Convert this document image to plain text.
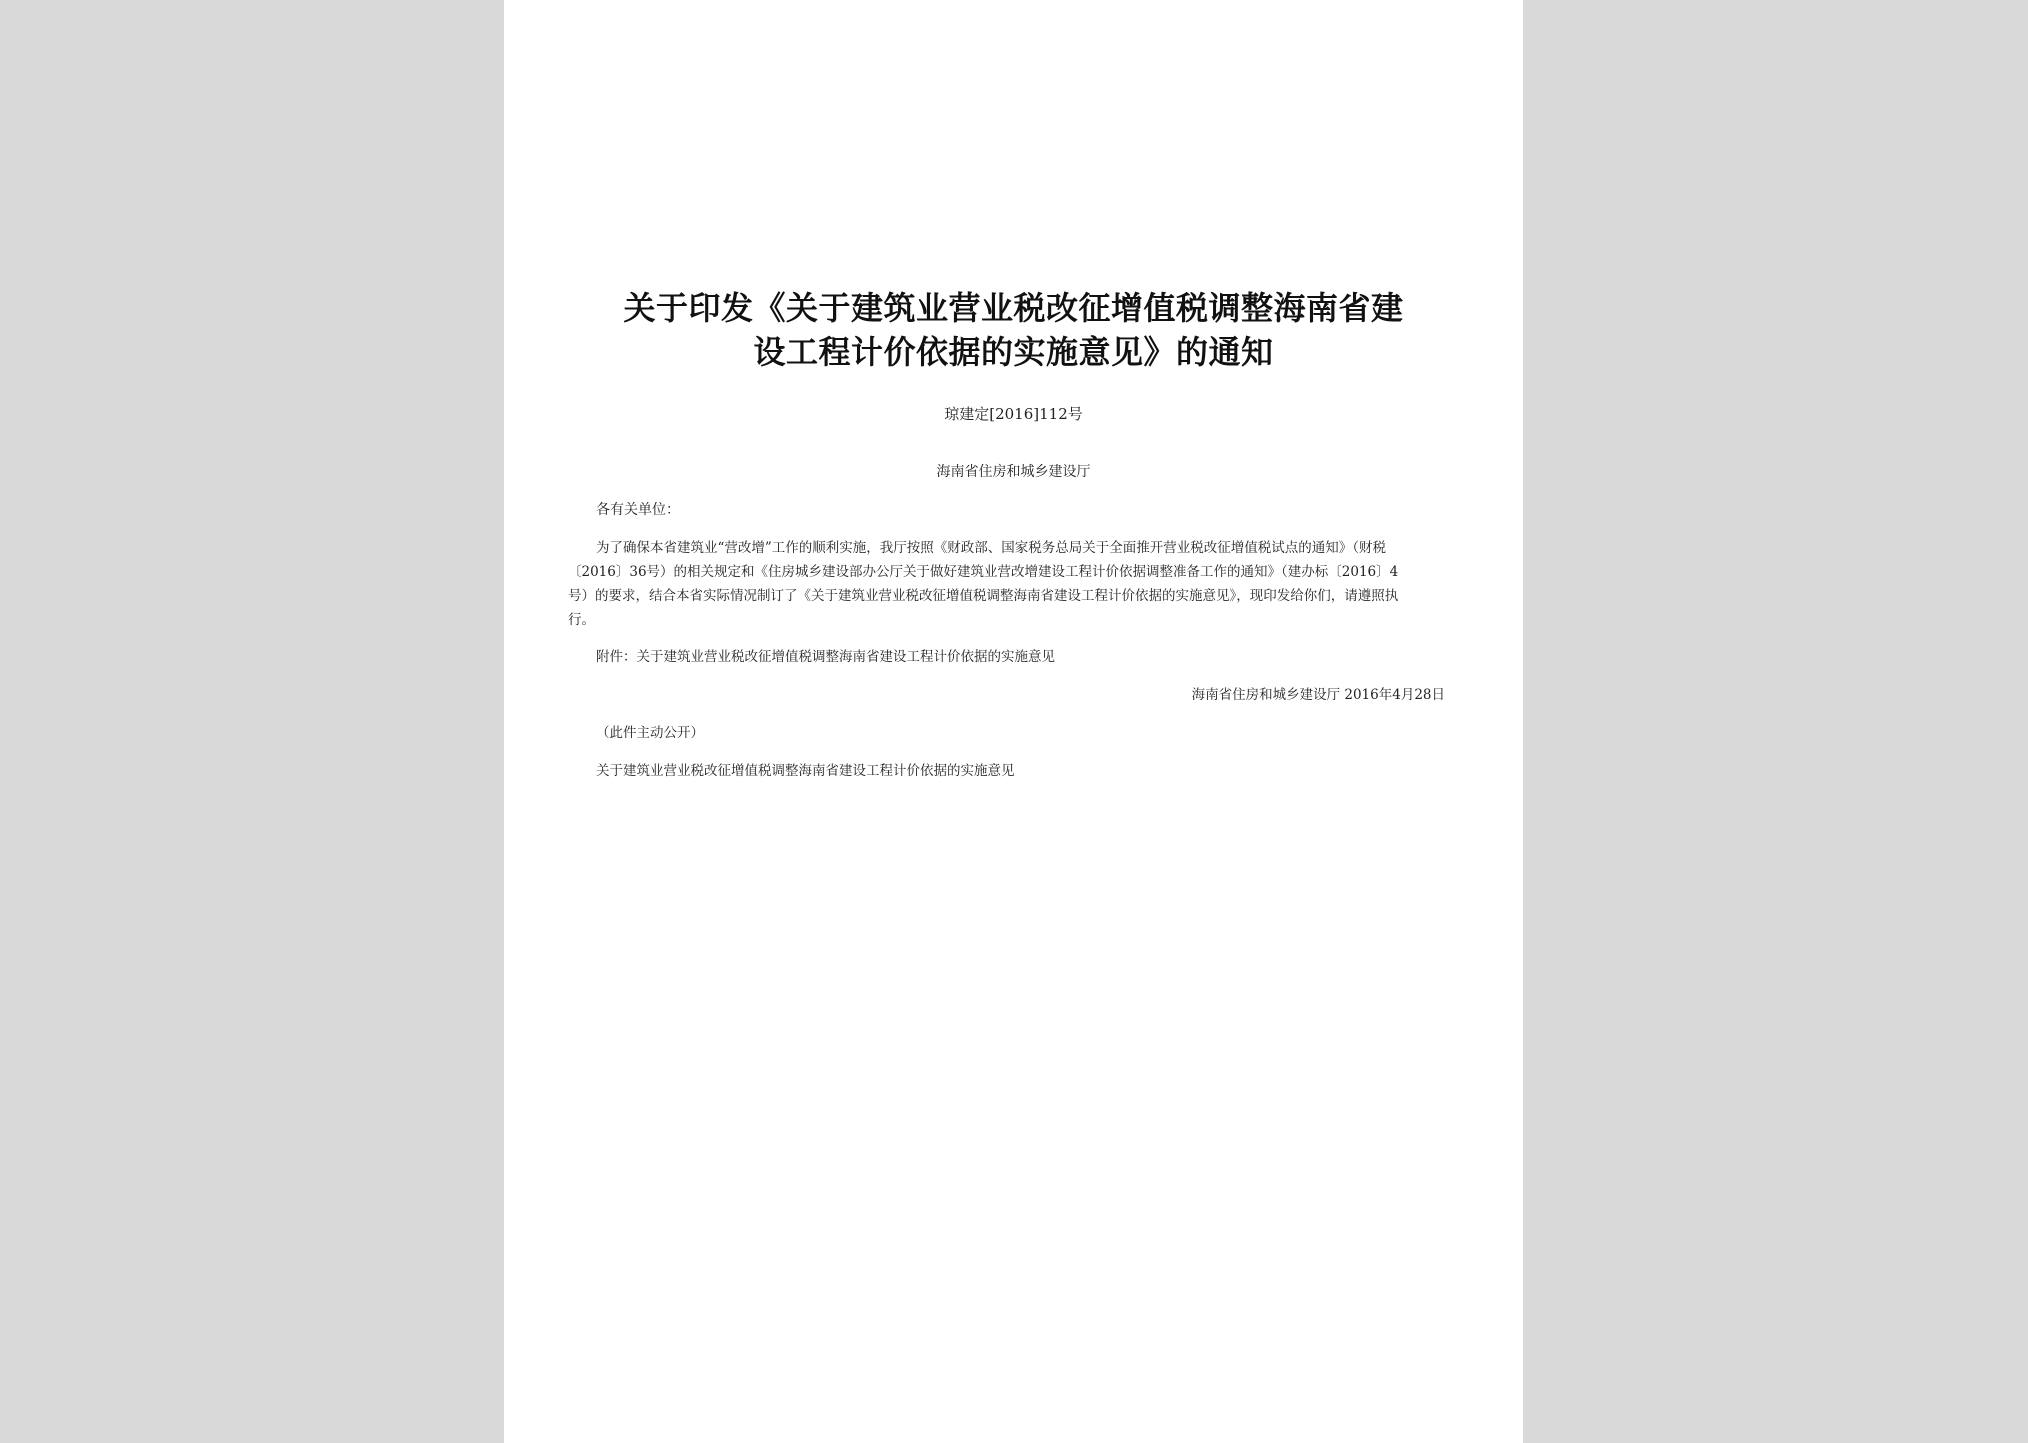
关于印发《关于建筑业营业税改征增值税调整海南省建
设工程计价依据的实施意见》的通知
琼建定[2016]112号
海南省住房和城乡建设厅
各有关单位：
为了确保本省建筑业“营改增”工作的顺利实施，我厅按照《财政部、国家税务总局关于全面推开营业税改征增值税试点的通知》（财税
〔2016〕36号）的相关规定和《住房城乡建设部办公厅关于做好建筑业营改增建设工程计价依据调整准备工作的通知》（建办标〔2016〕4
号）的要求，结合本省实际情况制订了《关于建筑业营业税改征增值税调整海南省建设工程计价依据的实施意见》，现印发给你们，请遵照执
行。
附件：关于建筑业营业税改征增值税调整海南省建设工程计价依据的实施意见
海南省住房和城乡建设厅 2016年4月28日
（此件主动公开）
关于建筑业营业税改征增值税调整海南省建设工程计价依据的实施意见
